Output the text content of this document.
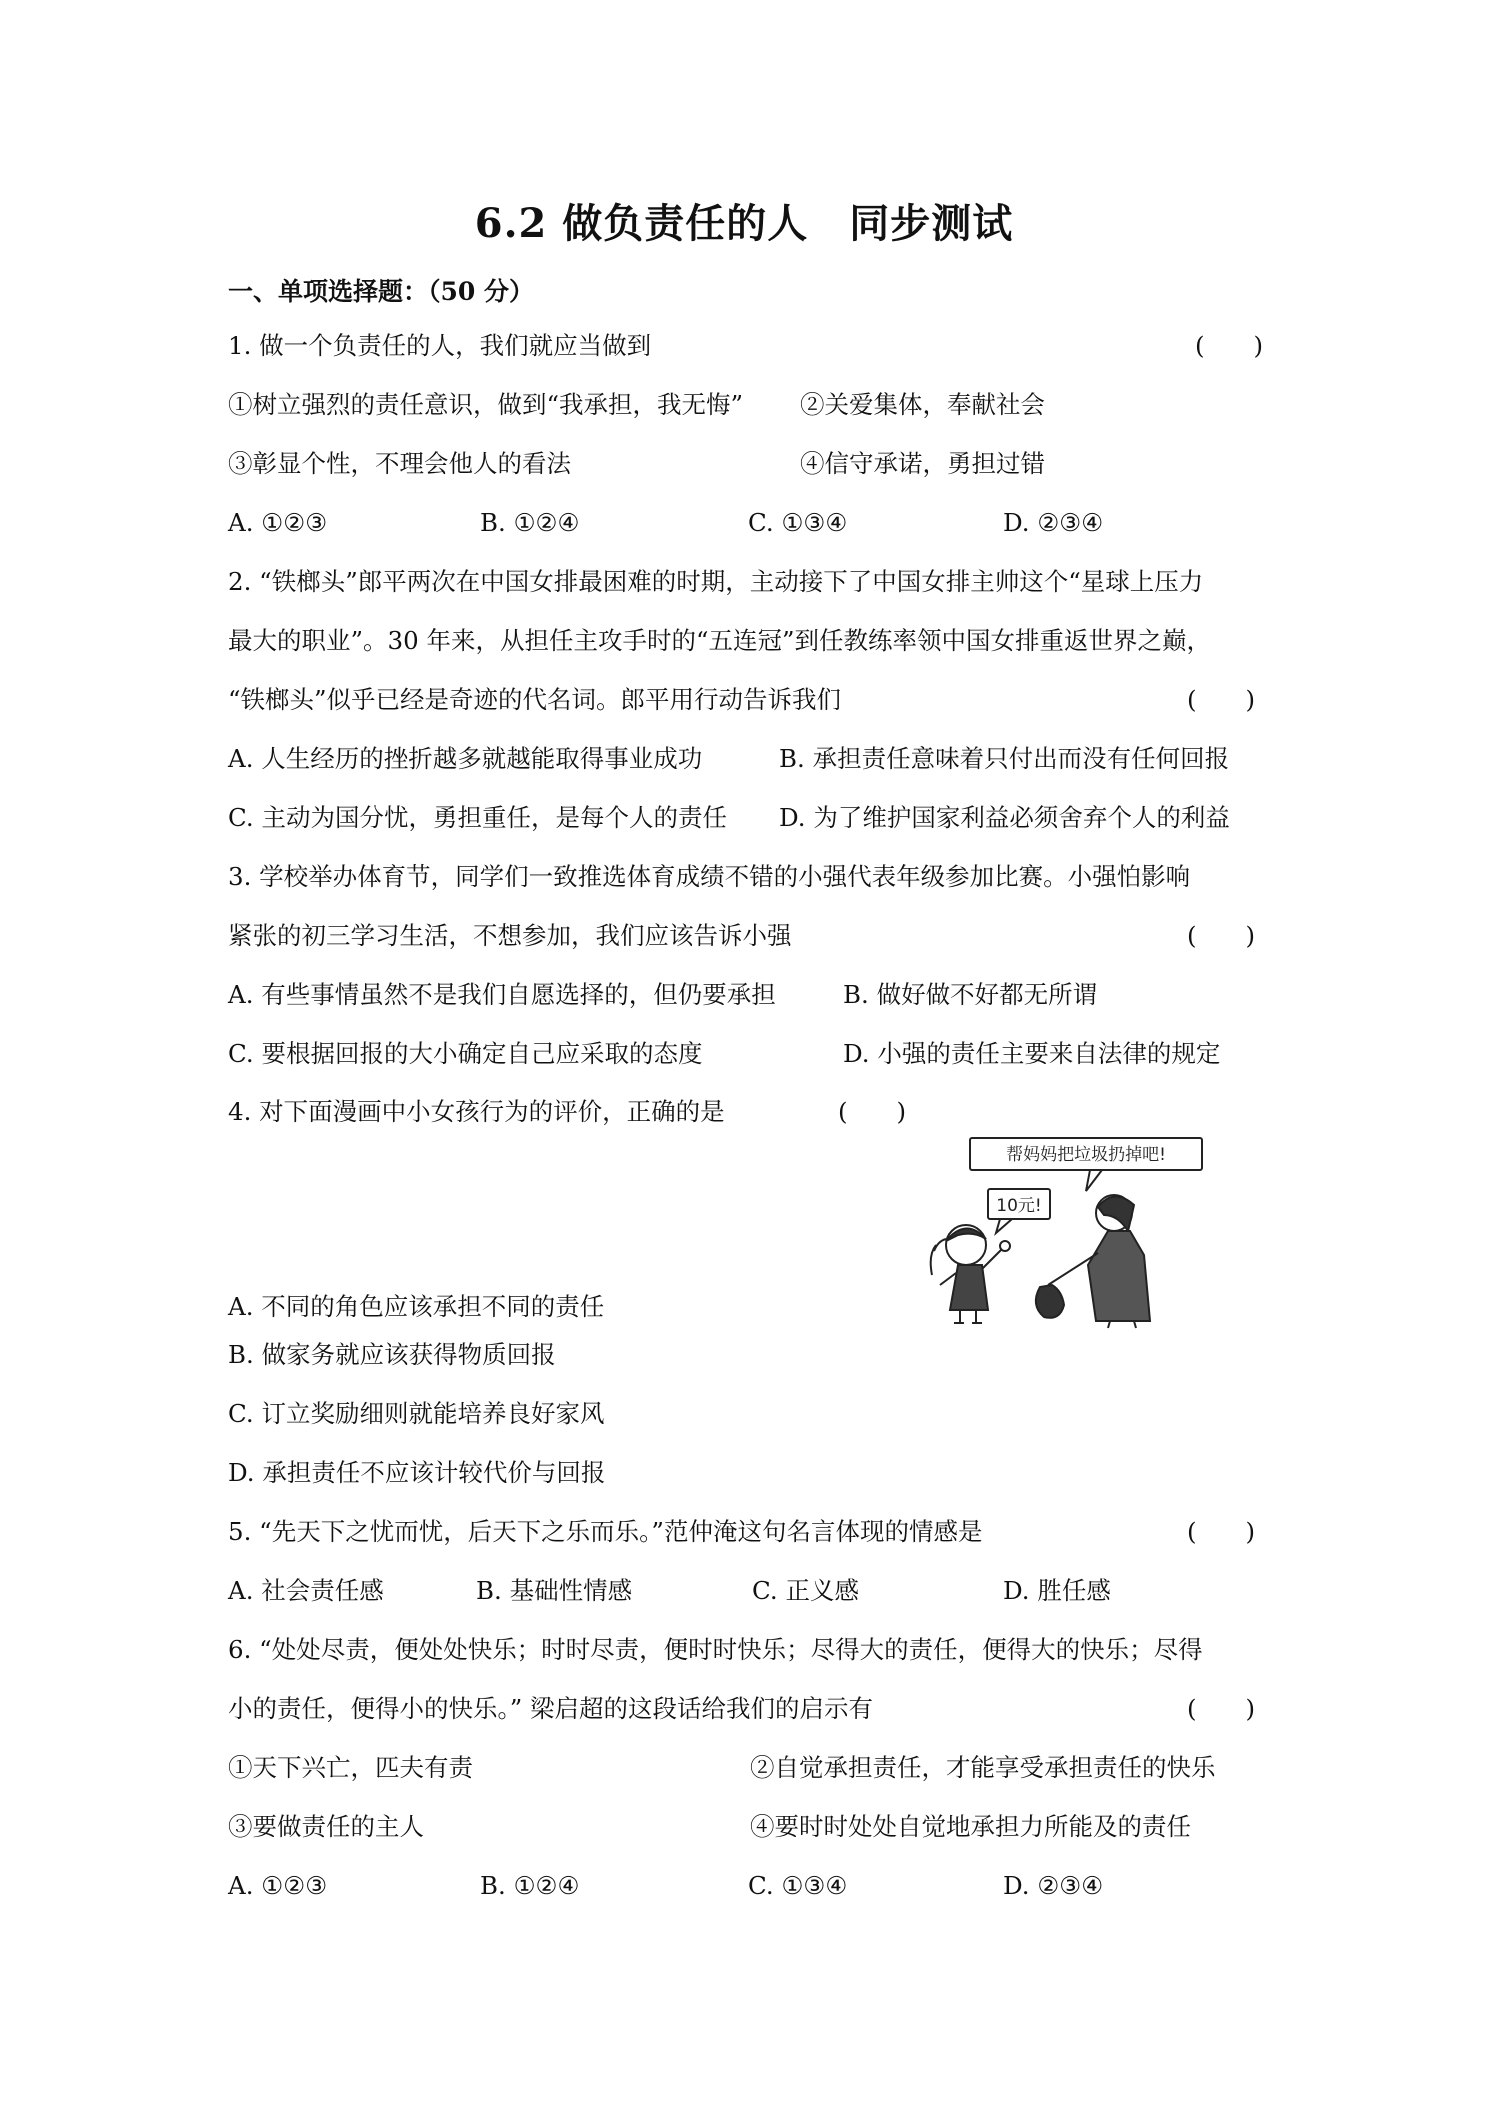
6.2 做负责任的人　同步测试
一、单项选择题：（50 分）
1. 做一个负责任的人，我们就应当做到	(　　)
①树立强烈的责任意识，做到“我承担，我无悔” ②关爱集体，奉献社会
③彰显个性，不理会他人的看法	④信守承诺，勇担过错
A. ①②③	B. ①②④	C. ①③④	D. ②③④
2. “铁榔头”郎平两次在中国女排最困难的时期，主动接下了中国女排主帅这个“星球上压力
最大的职业”。30 年来，从担任主攻手时的“五连冠”到任教练率领中国女排重返世界之巅，
“铁榔头”似乎已经是奇迹的代名词。郎平用行动告诉我们	(　　)
A. 人生经历的挫折越多就越能取得事业成功	B. 承担责任意味着只付出而没有任何回报
C. 主动为国分忧，勇担重任，是每个人的责任 D. 为了维护国家利益必须舍弃个人的利益
3. 学校举办体育节，同学们一致推选体育成绩不错的小强代表年级参加比赛。小强怕影响
紧张的初三学习生活，不想参加，我们应该告诉小强	(　　)
A. 有些事情虽然不是我们自愿选择的，但仍要承担	B. 做好做不好都无所谓
C. 要根据回报的大小确定自己应采取的态度	D. 小强的责任主要来自法律的规定
4. 对下面漫画中小女孩行为的评价，正确的是	(　　)
帮妈妈把垃圾扔掉吧!
10元!
A. 不同的角色应该承担不同的责任
B. 做家务就应该获得物质回报
C. 订立奖励细则就能培养良好家风
D. 承担责任不应该计较代价与回报
5. “先天下之忧而忧，后天下之乐而乐。”范仲淹这句名言体现的情感是	(　　)
A. 社会责任感	B. 基础性情感	C. 正义感	D. 胜任感
6. “处处尽责，便处处快乐；时时尽责，便时时快乐；尽得大的责任，便得大的快乐；尽得
小的责任，便得小的快乐。” 梁启超的这段话给我们的启示有	(　　)
①天下兴亡，匹夫有责	②自觉承担责任，才能享受承担责任的快乐
③要做责任的主人	④要时时处处自觉地承担力所能及的责任
A. ①②③	B. ①②④	C. ①③④	D. ②③④
